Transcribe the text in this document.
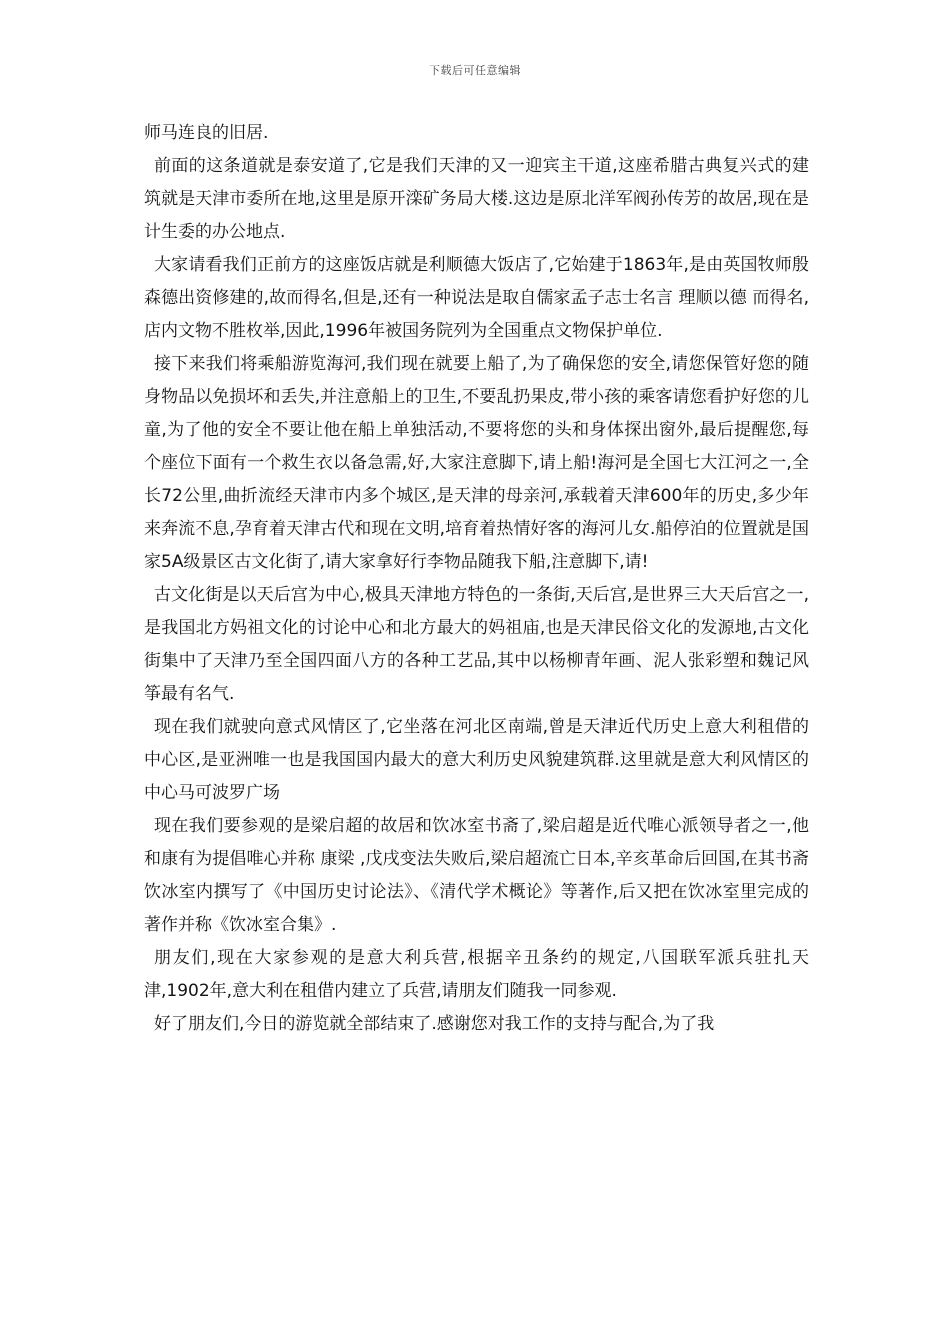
下载后可任意编辑

师马连良的旧居.

前面的这条道就是泰安道了,它是我们天津的又一迎宾主干道,这座希腊古典复兴式的建筑就是天津市委所在地,这里是原开滦矿务局大楼.这边是原北洋军阀孙传芳的故居,现在是计生委的办公地点.

大家请看我们正前方的这座饭店就是利顺德大饭店了,它始建于1863年,是由英国牧师殷森德出资修建的,故而得名,但是,还有一种说法是取自儒家孟子志士名言 理顺以德 而得名,店内文物不胜枚举,因此,1996年被国务院列为全国重点文物保护单位.

接下来我们将乘船游览海河,我们现在就要上船了,为了确保您的安全,请您保管好您的随身物品以免损坏和丢失,并注意船上的卫生,不要乱扔果皮,带小孩的乘客请您看护好您的儿童,为了他的安全不要让他在船上单独活动,不要将您的头和身体探出窗外,最后提醒您,每个座位下面有一个救生衣以备急需,好,大家注意脚下,请上船!海河是全国七大江河之一,全长72公里,曲折流经天津市内多个城区,是天津的母亲河,承载着天津600年的历史,多少年来奔流不息,孕育着天津古代和现在文明,培育着热情好客的海河儿女.船停泊的位置就是国家5A级景区古文化街了,请大家拿好行李物品随我下船,注意脚下,请!

古文化街是以天后宫为中心,极具天津地方特色的一条街,天后宫,是世界三大天后宫之一,是我国北方妈祖文化的讨论中心和北方最大的妈祖庙,也是天津民俗文化的发源地,古文化街集中了天津乃至全国四面八方的各种工艺品,其中以杨柳青年画、泥人张彩塑和魏记风筝最有名气.

现在我们就驶向意式风情区了,它坐落在河北区南端,曾是天津近代历史上意大利租借的中心区,是亚洲唯一也是我国国内最大的意大利历史风貌建筑群.这里就是意大利风情区的中心马可波罗广场

现在我们要参观的是梁启超的故居和饮冰室书斋了,梁启超是近代唯心派领导者之一,他和康有为提倡唯心并称 康梁 ,戊戌变法失败后,梁启超流亡日本,辛亥革命后回国,在其书斋饮冰室内撰写了《中国历史讨论法》、《清代学术概论》等著作,后又把在饮冰室里完成的著作并称《饮冰室合集》.

朋友们,现在大家参观的是意大利兵营,根据辛丑条约的规定,八国联军派兵驻扎天津,1902年,意大利在租借内建立了兵营,请朋友们随我一同参观.

好了朋友们,今日的游览就全部结束了.感谢您对我工作的支持与配合,为了我
